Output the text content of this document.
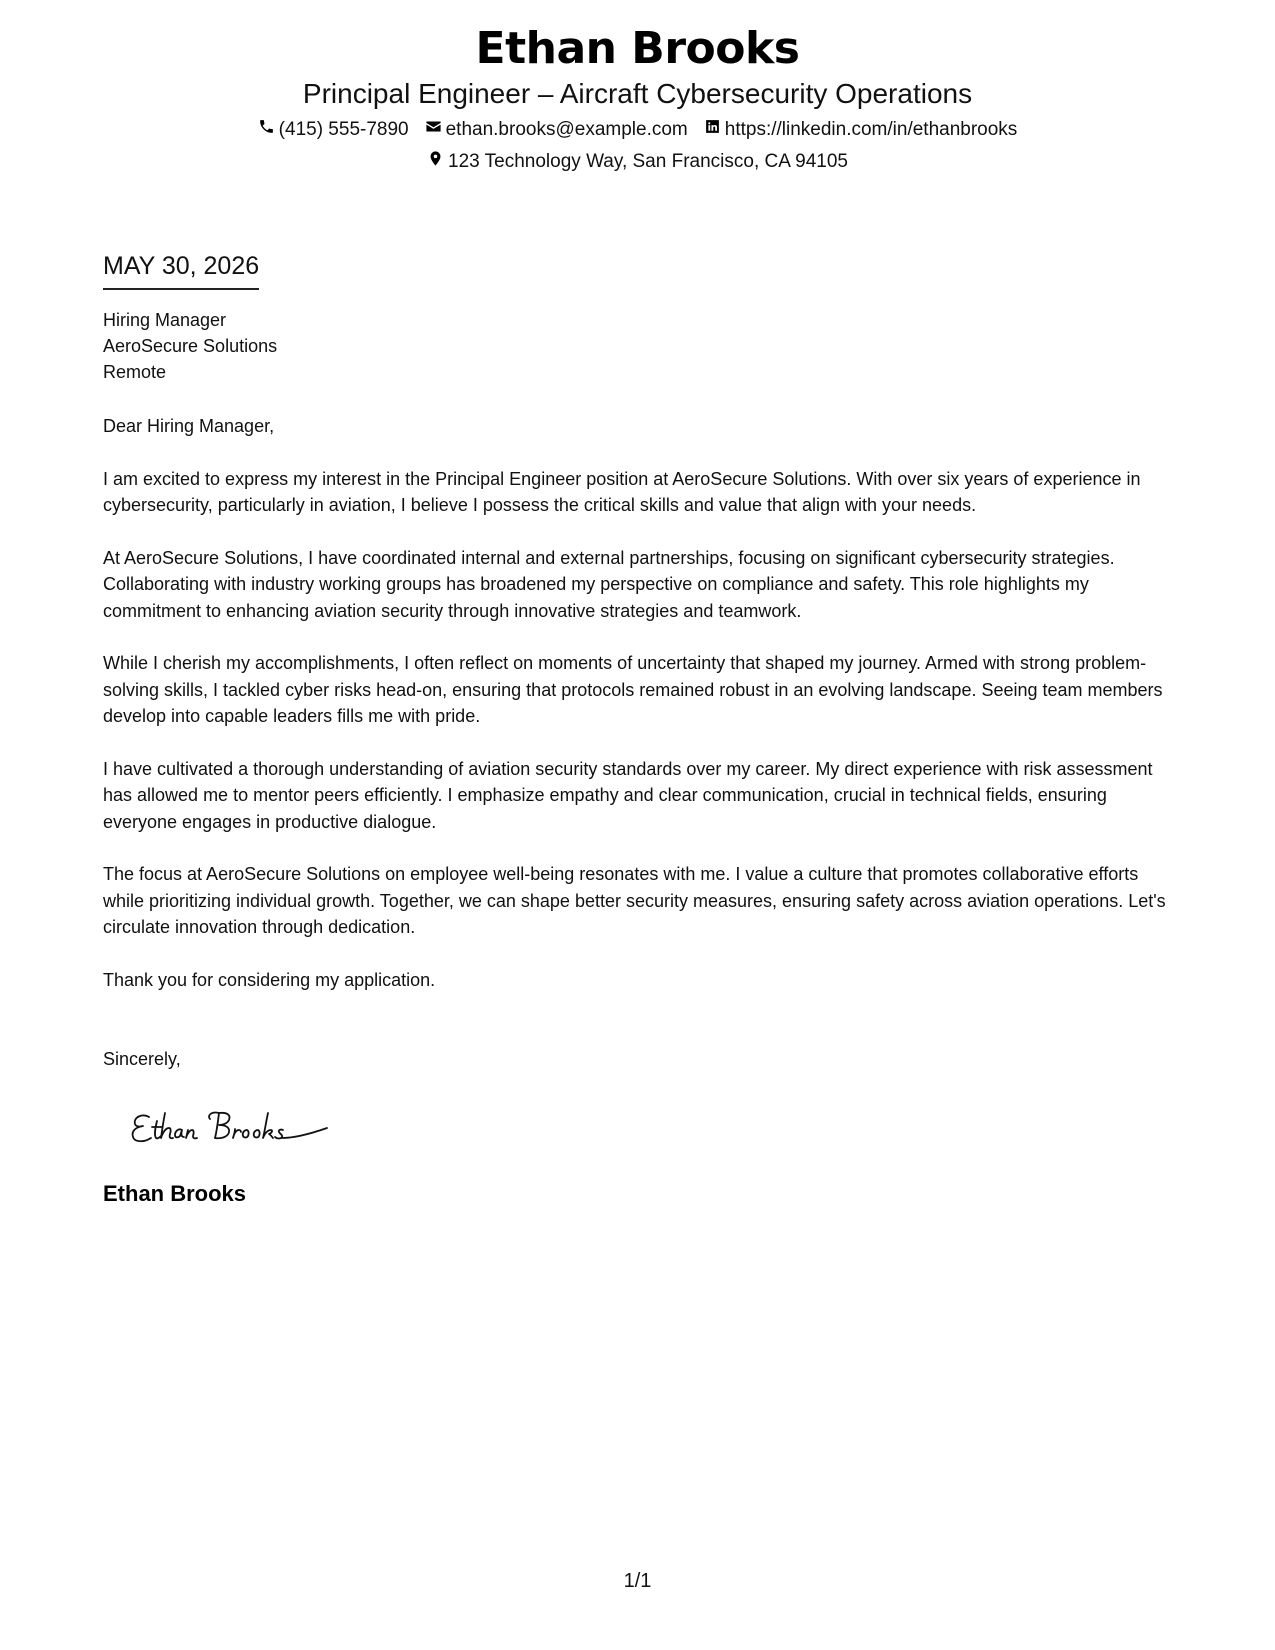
Ethan Brooks
Principal Engineer – Aircraft Cybersecurity Operations
(415) 555-7890 ethan.brooks@example.com https://linkedin.com/in/ethanbrooks
123 Technology Way, San Francisco, CA 94105
MAY 30, 2026
Hiring Manager
AeroSecure Solutions
Remote
Dear Hiring Manager,

I am excited to express my interest in the Principal Engineer position at AeroSecure Solutions. With over six years of experience in cybersecurity, particularly in aviation, I believe I possess the critical skills and value that align with your needs.

At AeroSecure Solutions, I have coordinated internal and external partnerships, focusing on significant cybersecurity strategies. Collaborating with industry working groups has broadened my perspective on compliance and safety. This role highlights my commitment to enhancing aviation security through innovative strategies and teamwork.

While I cherish my accomplishments, I often reflect on moments of uncertainty that shaped my journey. Armed with strong problem-solving skills, I tackled cyber risks head-on, ensuring that protocols remained robust in an evolving landscape. Seeing team members develop into capable leaders fills me with pride.

I have cultivated a thorough understanding of aviation security standards over my career. My direct experience with risk assessment has allowed me to mentor peers efficiently. I emphasize empathy and clear communication, crucial in technical fields, ensuring everyone engages in productive dialogue.

The focus at AeroSecure Solutions on employee well-being resonates with me. I value a culture that promotes collaborative efforts while prioritizing individual growth. Together, we can shape better security measures, ensuring safety across aviation operations. Let's circulate innovation through dedication.

Thank you for considering my application.

Sincerely,
Ethan Brooks
1/1
